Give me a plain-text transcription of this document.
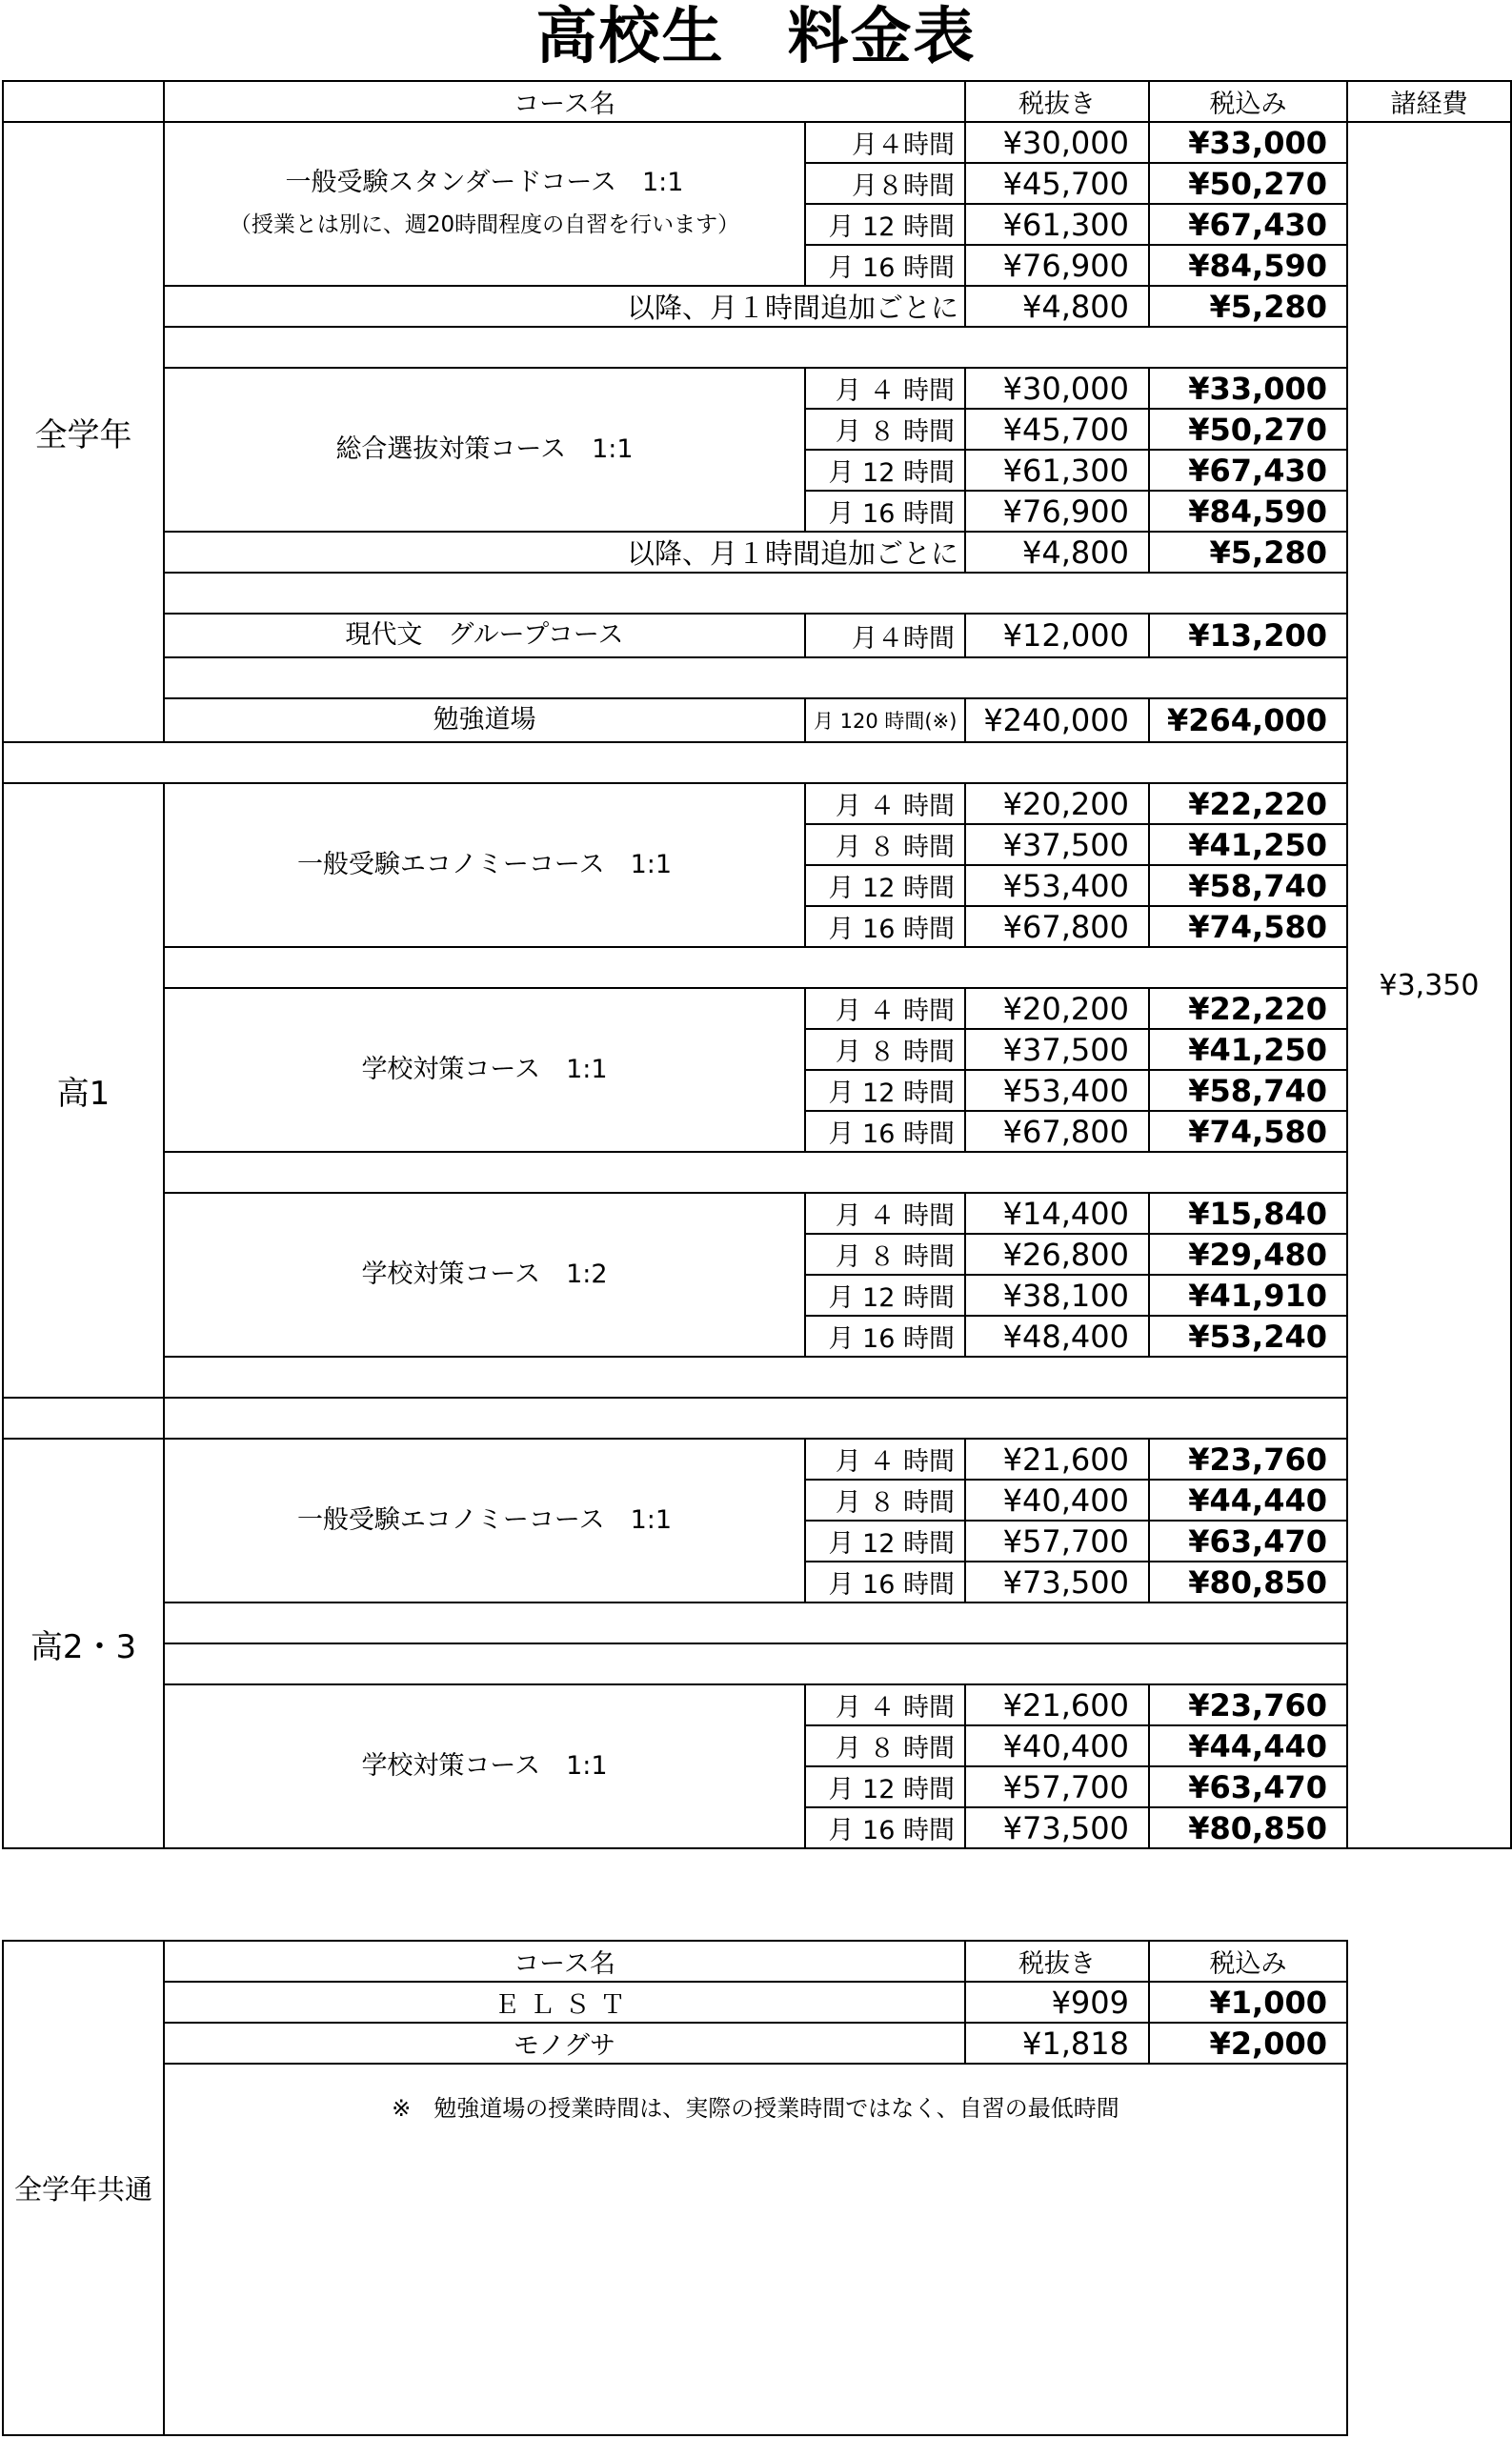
高校生　料金表
	コース名		税抜き	税込み	諸経費
全学年	一般受験スタンダードコース　1:1
（授業とは別に、週20時間程度の自習を行います）	月４時間	¥30,000	¥33,000	¥3,350
		月８時間	¥45,700	¥50,270	
		月 12 時間	¥61,300	¥67,430	
		月 16 時間	¥76,900	¥84,590	
	以降、月１時間追加ごとに		¥4,800	¥5,280	

	総合選抜対策コース　1:1	月 ４ 時間	¥30,000	¥33,000	
		月 ８ 時間	¥45,700	¥50,270	
		月 12 時間	¥61,300	¥67,430	
		月 16 時間	¥76,900	¥84,590	
	以降、月１時間追加ごとに		¥4,800	¥5,280	

	現代文　グループコース	月４時間	¥12,000	¥13,200	

	勉強道場	月 120 時間(※)	¥240,000	¥264,000	

高1	一般受験エコノミーコース　1:1	月 ４ 時間	¥20,200	¥22,220	
		月 ８ 時間	¥37,500	¥41,250	
		月 12 時間	¥53,400	¥58,740	
		月 16 時間	¥67,800	¥74,580	

	学校対策コース　1:1	月 ４ 時間	¥20,200	¥22,220	
		月 ８ 時間	¥37,500	¥41,250	
		月 12 時間	¥53,400	¥58,740	
		月 16 時間	¥67,800	¥74,580	

	学校対策コース　1:2	月 ４ 時間	¥14,400	¥15,840	
		月 ８ 時間	¥26,800	¥29,480	
		月 12 時間	¥38,100	¥41,910	
		月 16 時間	¥48,400	¥53,240	

高2・3	一般受験エコノミーコース　1:1	月 ４ 時間	¥21,600	¥23,760	
		月 ８ 時間	¥40,400	¥44,440	
		月 12 時間	¥57,700	¥63,470	
		月 16 時間	¥73,500	¥80,850	

	学校対策コース　1:1	月 ４ 時間	¥21,600	¥23,760	
		月 ８ 時間	¥40,400	¥44,440	
		月 12 時間	¥57,700	¥63,470	
		月 16 時間	¥73,500	¥80,850	
全学年共通	コース名	税抜き	税込み
	ＥＬＳＴ	¥909	¥1,000
	モノグサ	¥1,818	¥2,000
	※　勉強道場の授業時間は、実際の授業時間ではなく、自習の最低時間		
